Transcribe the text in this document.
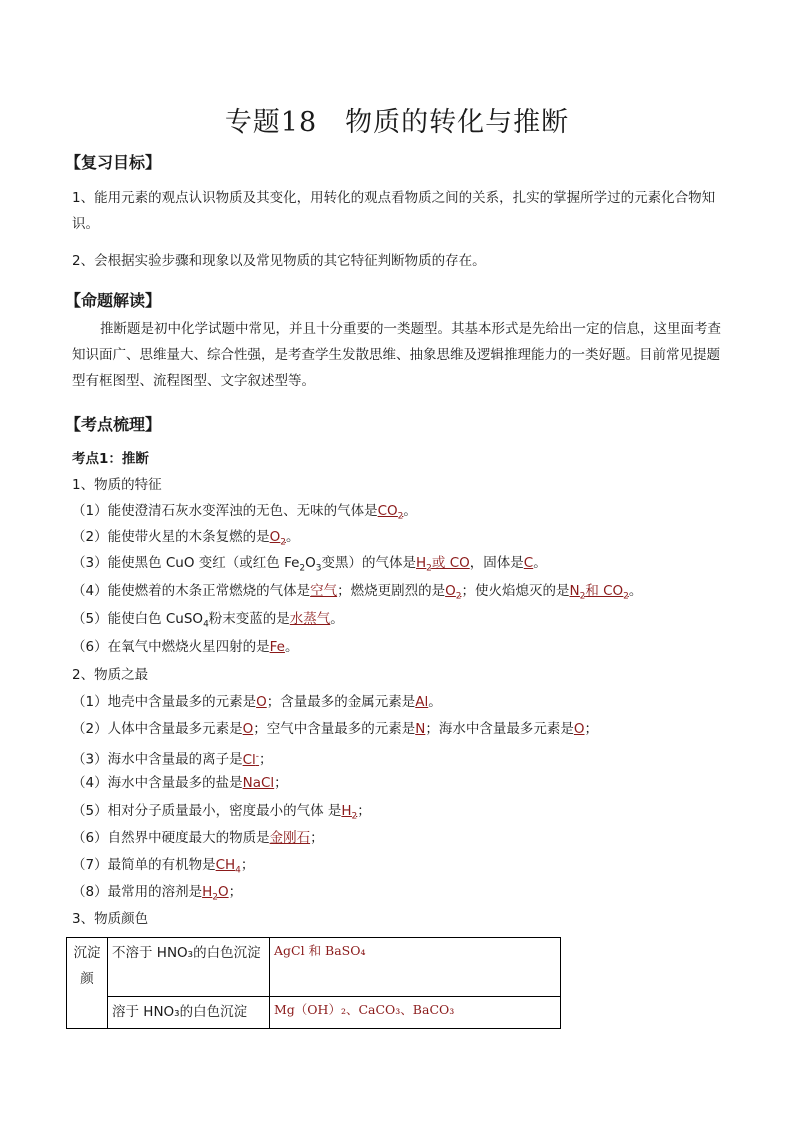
专题18　物质的转化与推断
【复习目标】
1、能用元素的观点认识物质及其变化，用转化的观点看物质之间的关系，扎实的掌握所学过的元素化合物知识。
2、会根据实验步骤和现象以及常见物质的其它特征判断物质的存在。
【命题解读】
推断题是初中化学试题中常见，并且十分重要的一类题型。其基本形式是先给出一定的信息，这里面考查知识面广、思维量大、综合性强，是考查学生发散思维、抽象思维及逻辑推理能力的一类好题。目前常见提题型有框图型、流程图型、文字叙述型等。
【考点梳理】
考点1：推断
1、物质的特征
（1）能使澄清石灰水变浑浊的无色、无味的气体是$CO_2$。
（2）能使带火星的木条复燃的是$O_2$。
（3）能使黑色 CuO 变红（或红色 $Fe_2O_3$变黑）的气体是$H_2$或 CO，固体是C。
（4）能使燃着的木条正常燃烧的气体是空气；燃烧更剧烈的是$O_2$；使火焰熄灭的是$N_2$和 $CO_2$。
（5）能使白色 CuSO$_4$粉末变蓝的是水蒸气。
（6）在氧气中燃烧火星四射的是Fe。
2、物质之最
（1）地壳中含量最多的元素是O；含量最多的金属元素是Al。
（2）人体中含量最多元素是O；空气中含量最多的元素是N；海水中含量最多元素是O；
（3）海水中含量最的离子是Cl-；
（4）海水中含量最多的盐是NaCl；
（5）相对分子质量最小，密度最小的气体 是$H_2$；
（6）自然界中硬度最大的物质是金刚石；
（7）最简单的有机物是$CH_4$；
（8）最常用的溶剂是$H_2O$；
3、物质颜色
沉淀颜	不溶于 HNO₃的白色沉淀	AgCl 和 BaSO₄
	溶于 HNO₃的白色沉淀	Mg（OH）₂、CaCO₃、BaCO₃
